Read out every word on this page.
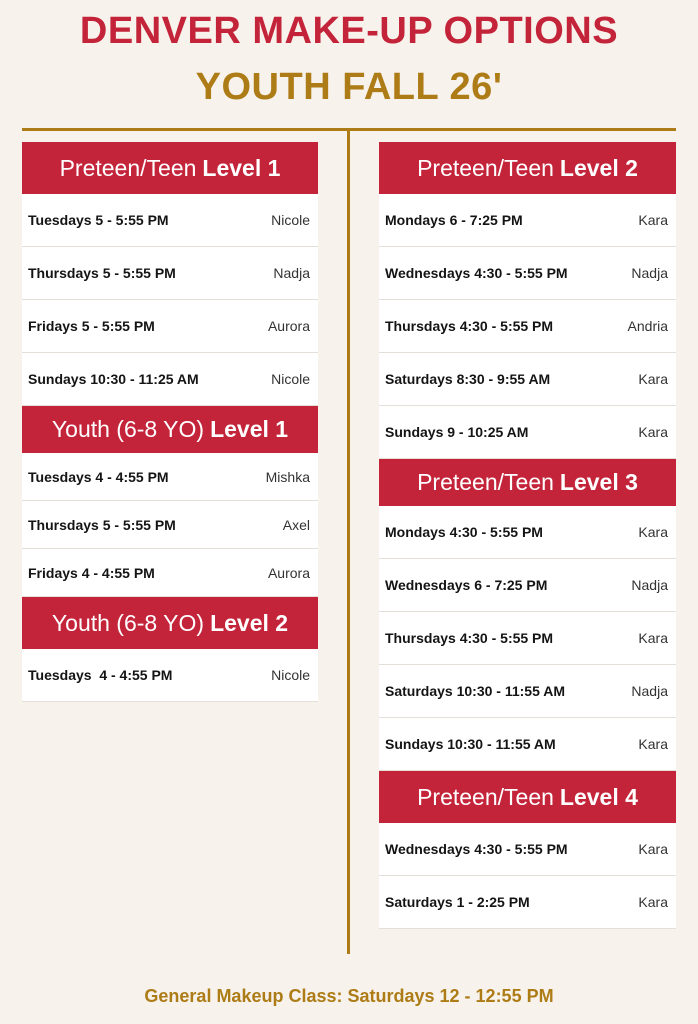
DENVER MAKE-UP OPTIONS
YOUTH FALL 26'
Preteen/Teen Level 1
Tuesdays 5 - 5:55 PM	Nicole
Thursdays 5 - 5:55 PM	Nadja
Fridays 5 - 5:55 PM	Aurora
Sundays 10:30 - 11:25 AM	Nicole
Youth (6-8 YO) Level 1
Tuesdays 4 - 4:55 PM	Mishka
Thursdays 5 - 5:55 PM	Axel
Fridays 4 - 4:55 PM	Aurora
Youth (6-8 YO) Level 2
Tuesdays  4 - 4:55 PM	Nicole
Preteen/Teen Level 2
Mondays 6 - 7:25 PM	Kara
Wednesdays 4:30 - 5:55 PM	Nadja
Thursdays 4:30 - 5:55 PM	Andria
Saturdays 8:30 - 9:55 AM	Kara
Sundays 9 - 10:25 AM	Kara
Preteen/Teen Level 3
Mondays 4:30 - 5:55 PM	Kara
Wednesdays 6 - 7:25 PM	Nadja
Thursdays 4:30 - 5:55 PM	Kara
Saturdays 10:30 - 11:55 AM	Nadja
Sundays 10:30 - 11:55 AM	Kara
Preteen/Teen Level 4
Wednesdays 4:30 - 5:55 PM	Kara
Saturdays 1 - 2:25 PM	Kara
General Makeup Class: Saturdays 12 - 12:55 PM
